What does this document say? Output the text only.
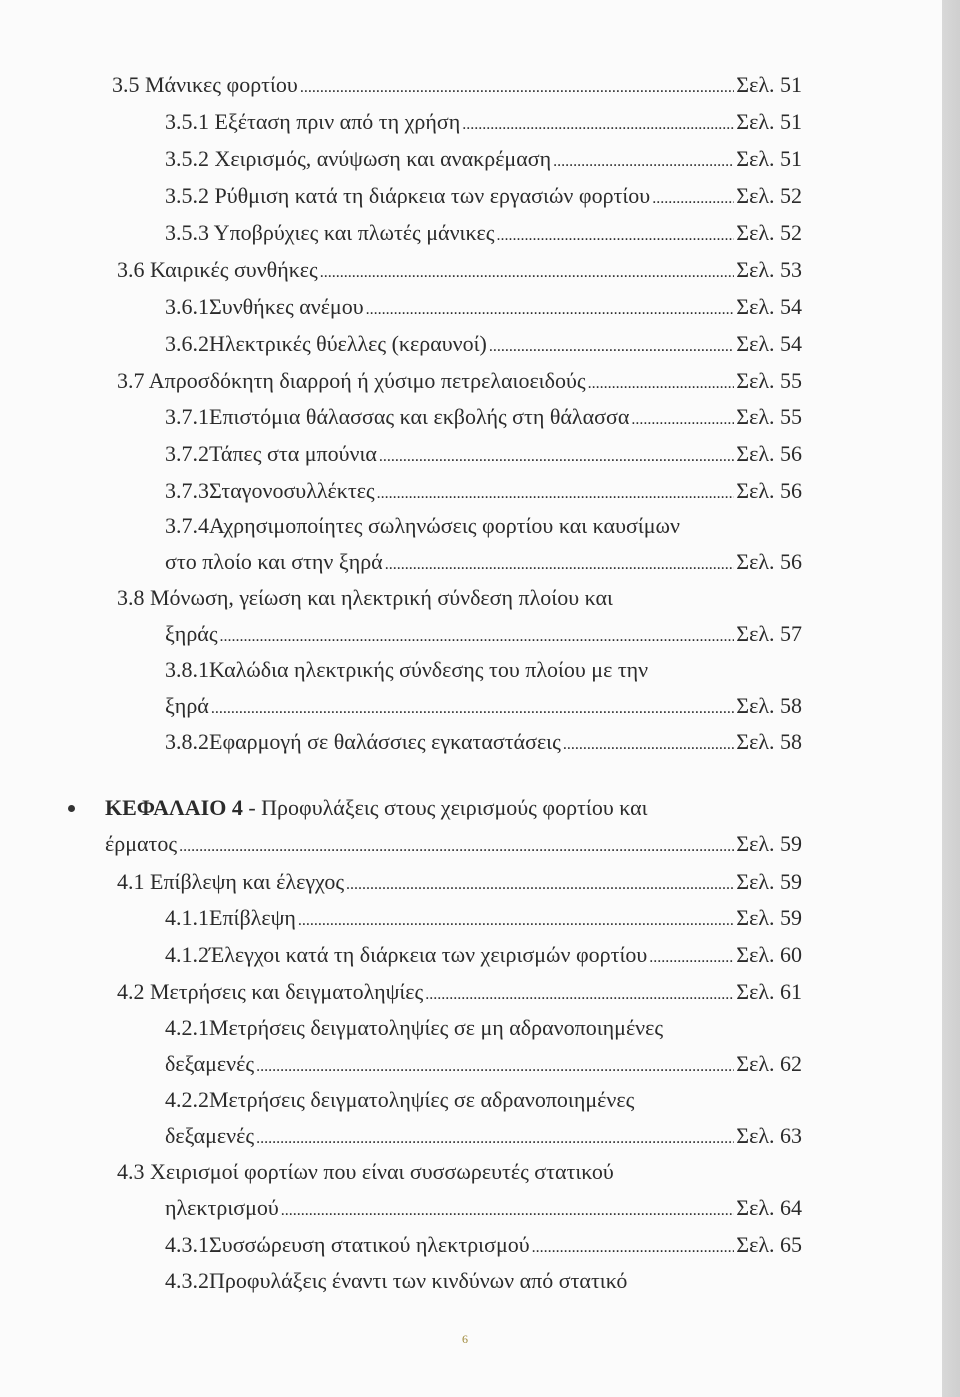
3.5 Μάνικες φορτίου .....	Σελ. 51
3.5.1 Εξέταση πριν από τη χρήση .....	Σελ. 51
3.5.2 Χειρισμός, ανύψωση και ανακρέμαση .....	Σελ. 51
3.5.2 Ρύθμιση κατά τη διάρκεια των εργασιών φορτίου .....	Σελ. 52
3.5.3 Υποβρύχιες και πλωτές μάνικες .....	Σελ. 52
3.6 Καιρικές συνθήκες .....	Σελ. 53
3.6.1Συνθήκες ανέμου .....	Σελ. 54
3.6.2Ηλεκτρικές θύελλες (κεραυνοί) .....	Σελ. 54
3.7 Απροσδόκητη διαρροή ή χύσιμο πετρελαιοειδούς .....	Σελ. 55
3.7.1Επιστόμια θάλασσας και εκβολής στη θάλασσα .....	Σελ. 55
3.7.2Τάπες στα μπούνια .....	Σελ. 56
3.7.3Σταγονοσυλλέκτες .....	Σελ. 56
3.7.4Αχρησιμοποίητες σωληνώσεις φορτίου και καυσίμων
στο πλοίο και στην ξηρά .....	Σελ. 56
3.8 Μόνωση, γείωση και ηλεκτρική σύνδεση πλοίου και
ξηράς .....	Σελ. 57
3.8.1Καλώδια ηλεκτρικής σύνδεσης του πλοίου με την
ξηρά .....	Σελ. 58
3.8.2Εφαρμογή σε θαλάσσιες εγκαταστάσεις .....	Σελ. 58
ΚΕΦΑΛΑΙΟ 4 - Προφυλάξεις στους χειρισμούς φορτίου και
έρματος .....	Σελ. 59
4.1 Επίβλεψη και έλεγχος .....	Σελ. 59
4.1.1Επίβλεψη .....	Σελ. 59
4.1.2Έλεγχοι κατά τη διάρκεια των χειρισμών φορτίου .....	Σελ. 60
4.2 Μετρήσεις και δειγματοληψίες .....	Σελ. 61
4.2.1Μετρήσεις δειγματοληψίες σε μη αδρανοποιημένες
δεξαμενές .....	Σελ. 62
4.2.2Μετρήσεις δειγματοληψίες σε αδρανοποιημένες
δεξαμενές .....	Σελ. 63
4.3 Χειρισμοί φορτίων που είναι συσσωρευτές στατικού
ηλεκτρισμού .....	Σελ. 64
4.3.1Συσσώρευση στατικού ηλεκτρισμού .....	Σελ. 65
4.3.2Προφυλάξεις έναντι των κινδύνων από στατικό
6
